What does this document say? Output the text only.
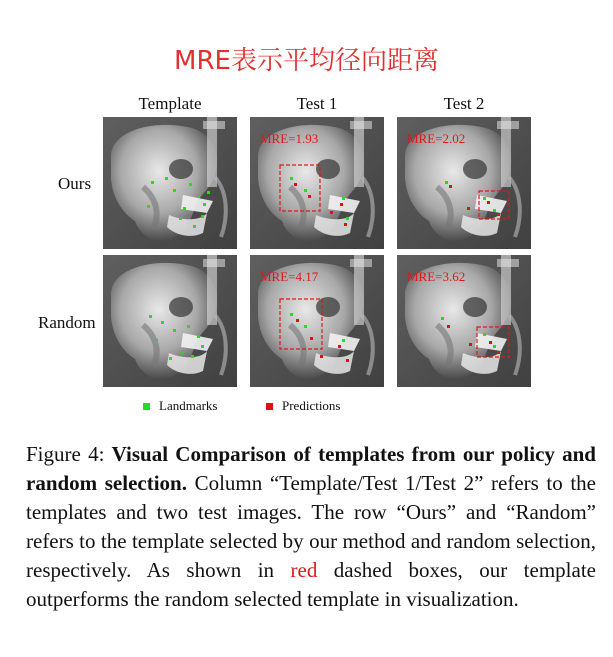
MRE表示平均径向距离
Template	Test 1	Test 2
Ours
Random
MRE=1.93	MRE=2.02
MRE=4.17	MRE=3.62
Landmarks	Predictions
Figure 4: Visual Comparison of templates from our policy and random selection. Column “Template/Test 1/Test 2” refers to the templates and two test images. The row “Ours” and “Random” refers to the template selected by our method and random selection, respectively. As shown in red dashed boxes, our template outperforms the random selected template in visualization.
